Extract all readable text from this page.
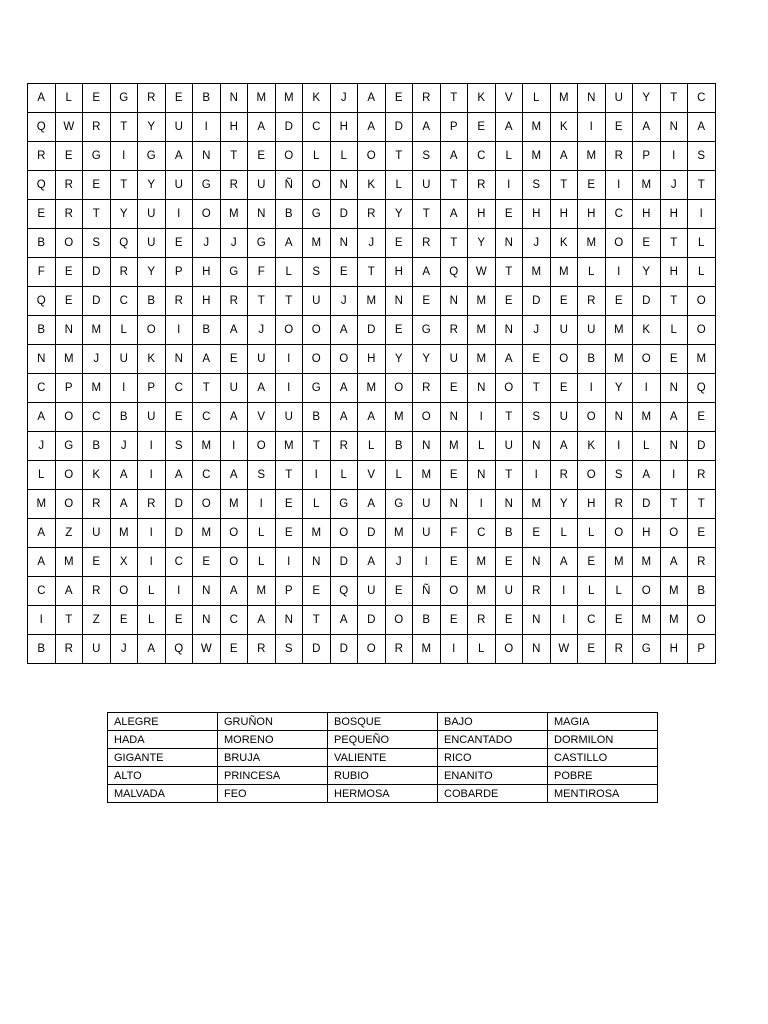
A	L	E	G	R	E	B	N	M	M	K	J	A	E	R	T	K	V	L	M	N	U	Y	T	C
Q	W	R	T	Y	U	I	H	A	D	C	H	A	D	A	P	E	A	M	K	I	E	A	N	A
R	E	G	I	G	A	N	T	E	O	L	L	O	T	S	A	C	L	M	A	M	R	P	I	S
Q	R	E	T	Y	U	G	R	U	Ñ	O	N	K	L	U	T	R	I	S	T	E	I	M	J	T
E	R	T	Y	U	I	O	M	N	B	G	D	R	Y	T	A	H	E	H	H	H	C	H	H	I
B	O	S	Q	U	E	J	J	G	A	M	N	J	E	R	T	Y	N	J	K	M	O	E	T	L
F	E	D	R	Y	P	H	G	F	L	S	E	T	H	A	Q	W	T	M	M	L	I	Y	H	L
Q	E	D	C	B	R	H	R	T	T	U	J	M	N	E	N	M	E	D	E	R	E	D	T	O
B	N	M	L	O	I	B	A	J	O	O	A	D	E	G	R	M	N	J	U	U	M	K	L	O
N	M	J	U	K	N	A	E	U	I	O	O	H	Y	Y	U	M	A	E	O	B	M	O	E	M
C	P	M	I	P	C	T	U	A	I	G	A	M	O	R	E	N	O	T	E	I	Y	I	N	Q
A	O	C	B	U	E	C	A	V	U	B	A	A	M	O	N	I	T	S	U	O	N	M	A	E
J	G	B	J	I	S	M	I	O	M	T	R	L	B	N	M	L	U	N	A	K	I	L	N	D
L	O	K	A	I	A	C	A	S	T	I	L	V	L	M	E	N	T	I	R	O	S	A	I	R
M	O	R	A	R	D	O	M	I	E	L	G	A	G	U	N	I	N	M	Y	H	R	D	T	T
A	Z	U	M	I	D	M	O	L	E	M	O	D	M	U	F	C	B	E	L	L	O	H	O	E
A	M	E	X	I	C	E	O	L	I	N	D	A	J	I	E	M	E	N	A	E	M	M	A	R
C	A	R	O	L	I	N	A	M	P	E	Q	U	E	Ñ	O	M	U	R	I	L	L	O	M	B
I	T	Z	E	L	E	N	C	A	N	T	A	D	O	B	E	R	E	N	I	C	E	M	M	O
B	R	U	J	A	Q	W	E	R	S	D	D	O	R	M	I	L	O	N	W	E	R	G	H	P
ALEGRE	GRUÑON	BOSQUE	BAJO	MAGIA
HADA	MORENO	PEQUEÑO	ENCANTADO	DORMILON
GIGANTE	BRUJA	VALIENTE	RICO	CASTILLO
ALTO	PRINCESA	RUBIO	ENANITO	POBRE
MALVADA	FEO	HERMOSA	COBARDE	MENTIROSA
